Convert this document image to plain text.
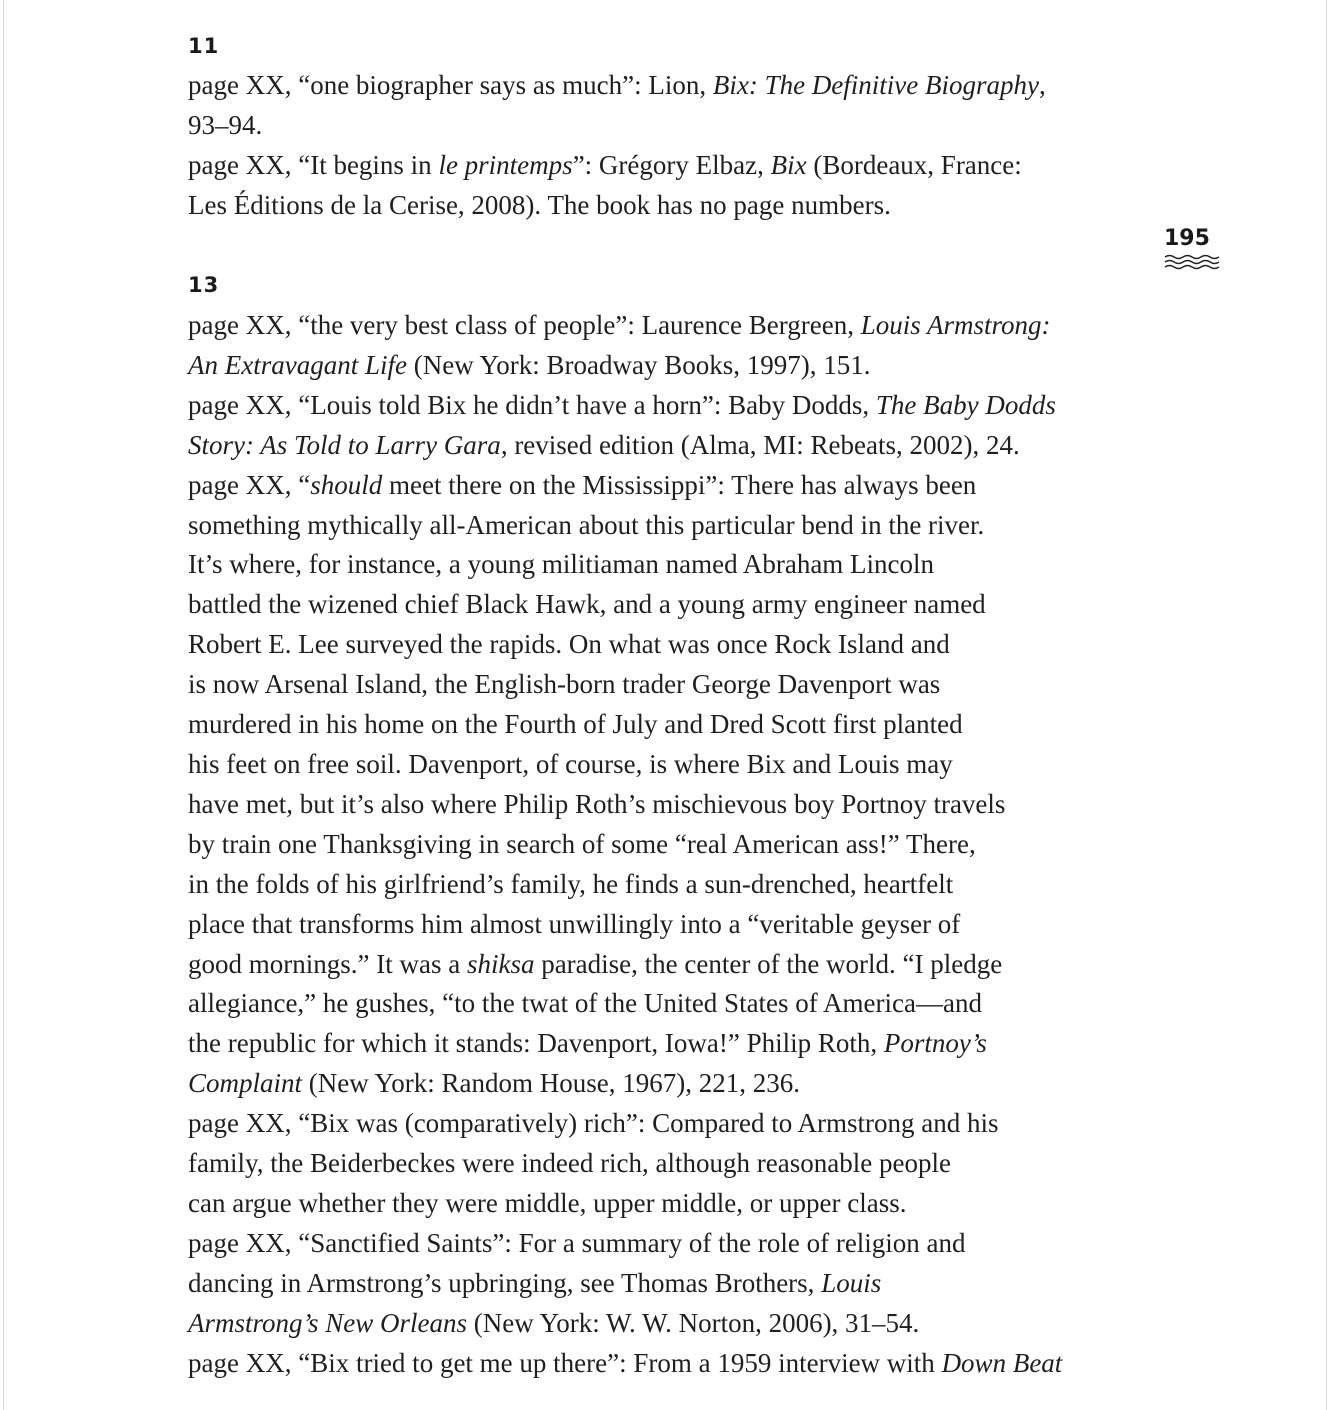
11
page XX, “one biographer says as much”: Lion, Bix: The Definitive Biography,
93–94.
page XX, “It begins in le printemps”: Grégory Elbaz, Bix (Bordeaux, France:
Les Éditions de la Cerise, 2008). The book has no page numbers.
13
page XX, “the very best class of people”: Laurence Bergreen, Louis Armstrong:
An Extravagant Life (New York: Broadway Books, 1997), 151.
page XX, “Louis told Bix he didn’t have a horn”: Baby Dodds, The Baby Dodds
Story: As Told to Larry Gara, revised edition (Alma, MI: Rebeats, 2002), 24.
page XX, “should meet there on the Mississippi”: There has always been
something mythically all-American about this particular bend in the river.
It’s where, for instance, a young militiaman named Abraham Lincoln
battled the wizened chief Black Hawk, and a young army engineer named
Robert E. Lee surveyed the rapids. On what was once Rock Island and
is now Arsenal Island, the English-born trader George Davenport was
murdered in his home on the Fourth of July and Dred Scott first planted
his feet on free soil. Davenport, of course, is where Bix and Louis may
have met, but it’s also where Philip Roth’s mischievous boy Portnoy travels
by train one Thanksgiving in search of some “real American ass!” There,
in the folds of his girlfriend’s family, he finds a sun-drenched, heartfelt
place that transforms him almost unwillingly into a “veritable geyser of
good mornings.” It was a shiksa paradise, the center of the world. “I pledge
allegiance,” he gushes, “to the twat of the United States of America—and
the republic for which it stands: Davenport, Iowa!” Philip Roth, Portnoy’s
Complaint (New York: Random House, 1967), 221, 236.
page XX, “Bix was (comparatively) rich”: Compared to Armstrong and his
family, the Beiderbeckes were indeed rich, although reasonable people
can argue whether they were middle, upper middle, or upper class.
page XX, “Sanctified Saints”: For a summary of the role of religion and
dancing in Armstrong’s upbringing, see Thomas Brothers, Louis
Armstrong’s New Orleans (New York: W. W. Norton, 2006), 31–54.
page XX, “Bix tried to get me up there”: From a 1959 interview with Down Beat
195
